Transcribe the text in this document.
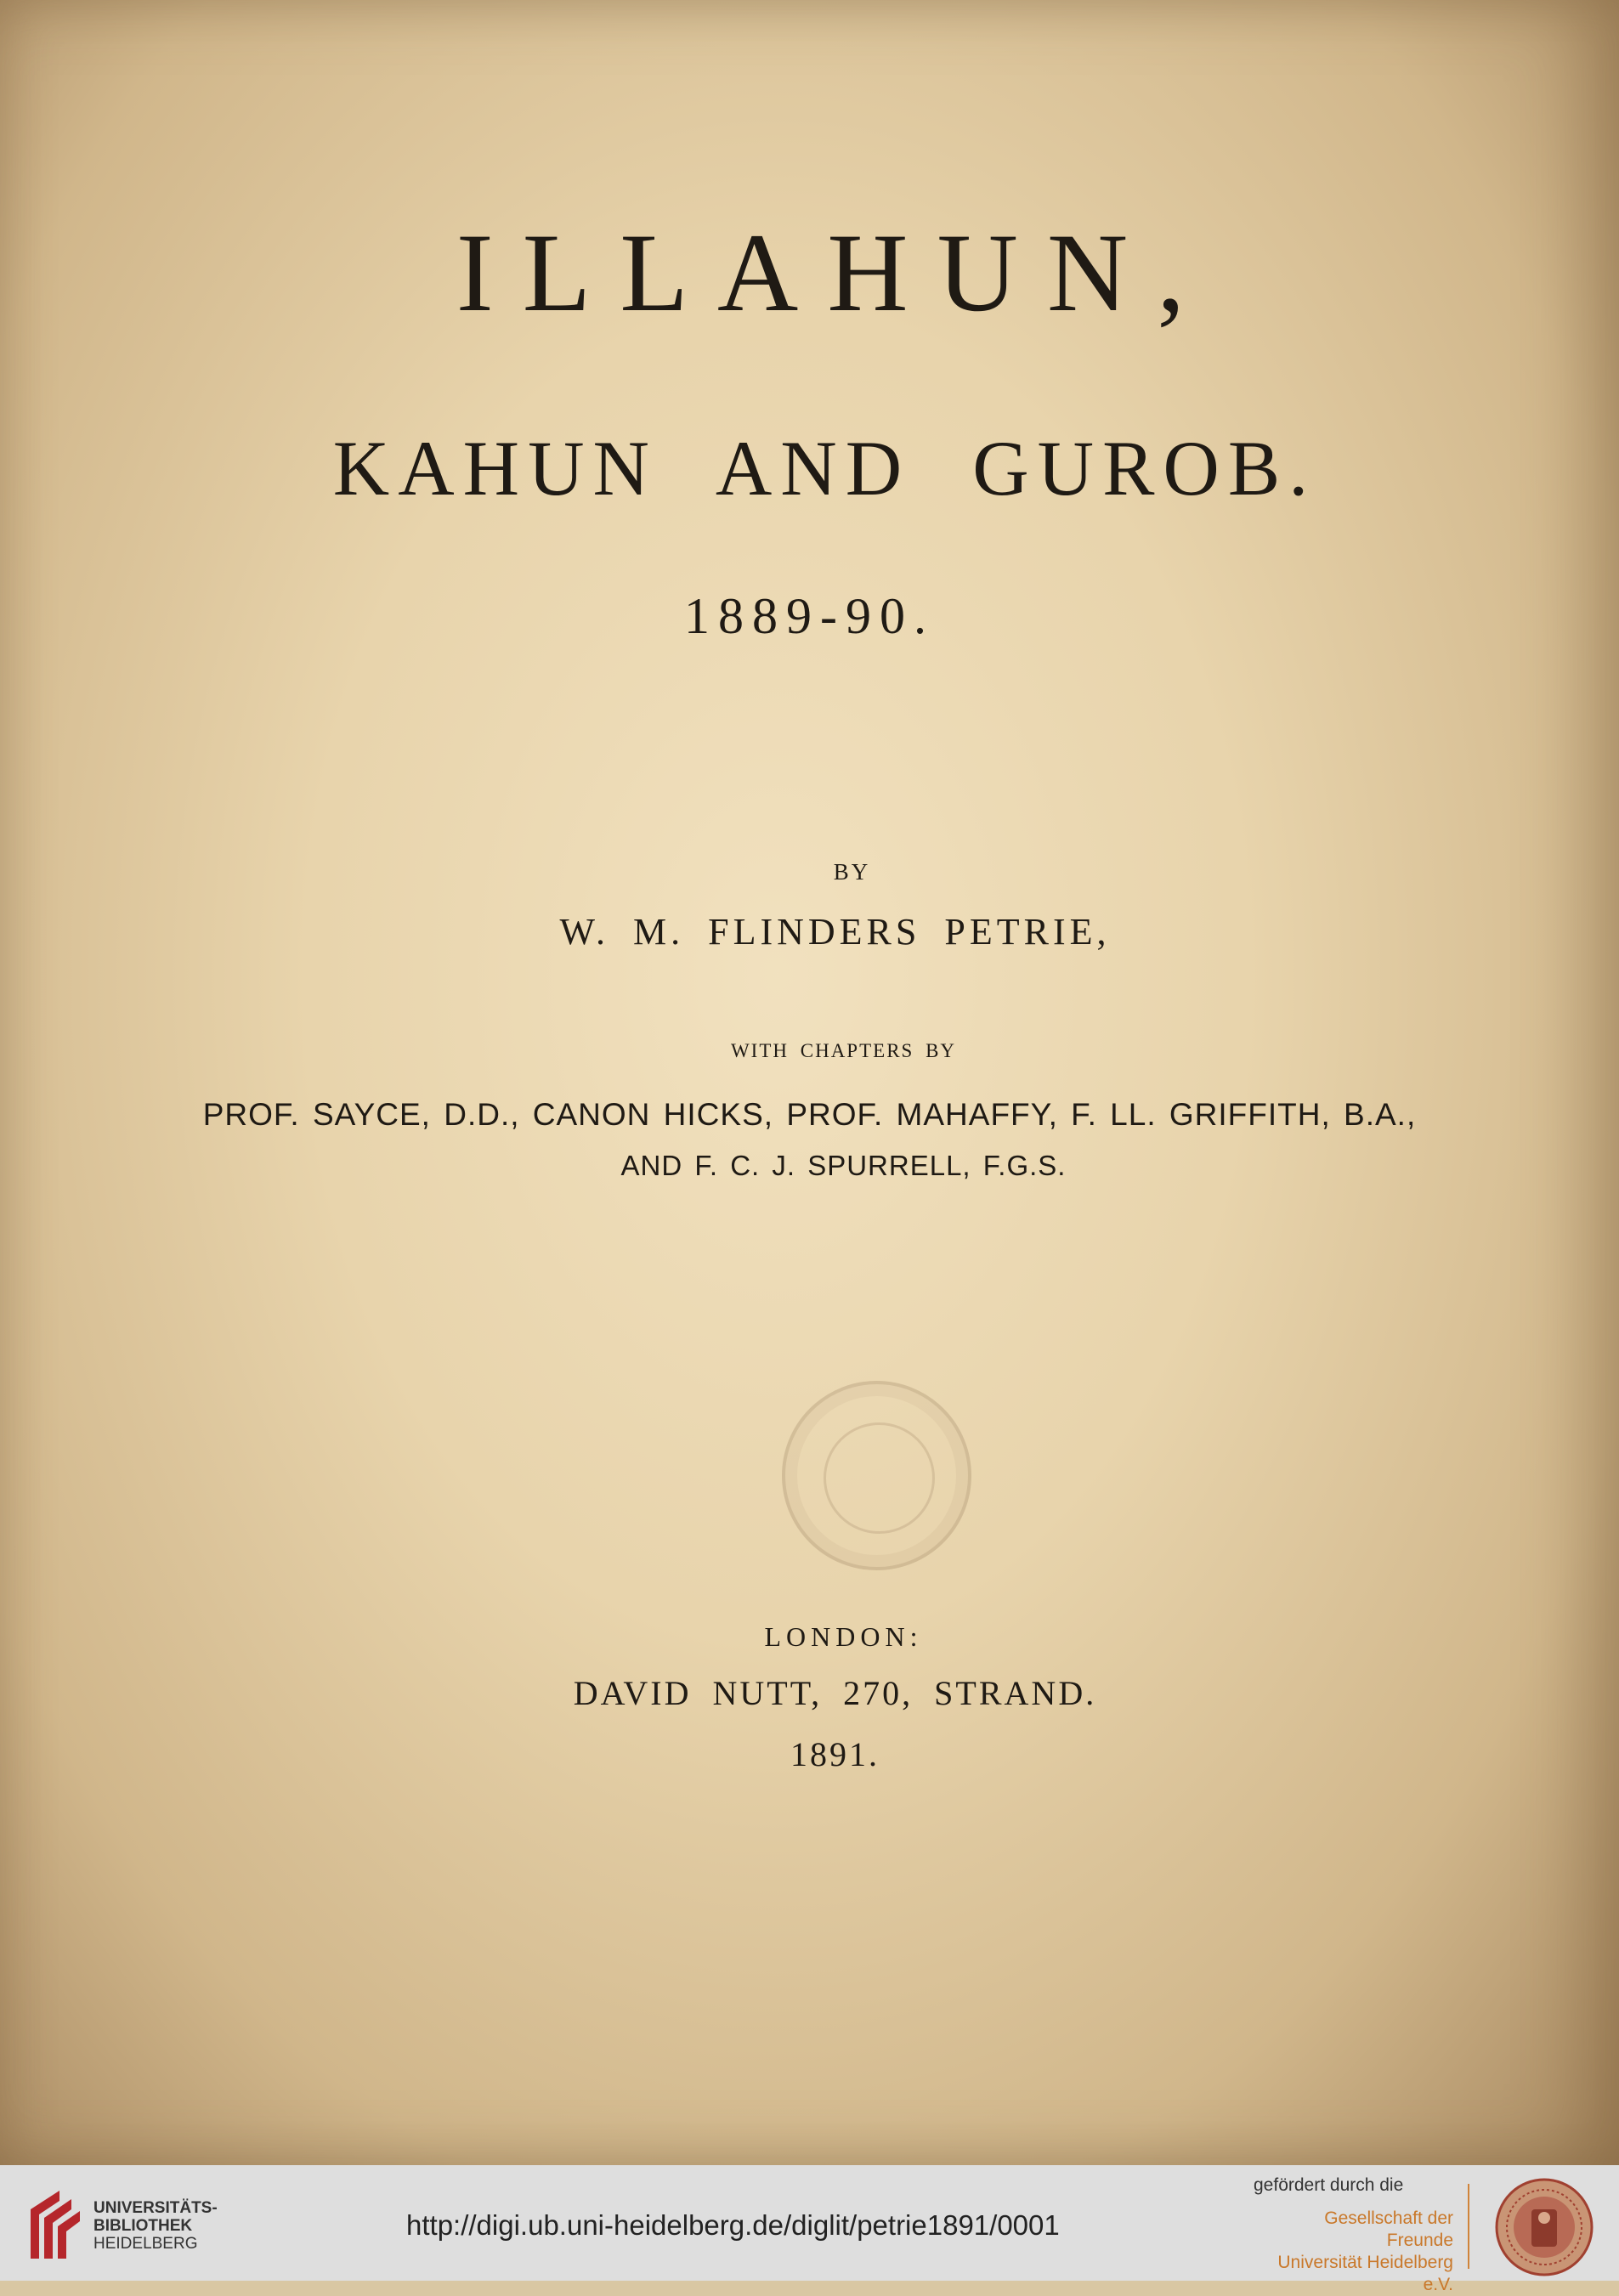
ILLAHUN,
KAHUN AND GUROB.
1889-90.
BY
W. M. FLINDERS PETRIE,
WITH CHAPTERS BY
PROF. SAYCE, D.D., CANON HICKS, PROF. MAHAFFY, F. LL. GRIFFITH, B.A.,
AND F. C. J. SPURRELL, F.G.S.
LONDON:
DAVID NUTT, 270, STRAND.
1891.
UNIVERSITÄTS-
BIBLIOTHEK
HEIDELBERG
http://digi.ub.uni-heidelberg.de/diglit/petrie1891/0001
gefördert durch die
Gesellschaft der Freunde
Universität Heidelberg e.V.
